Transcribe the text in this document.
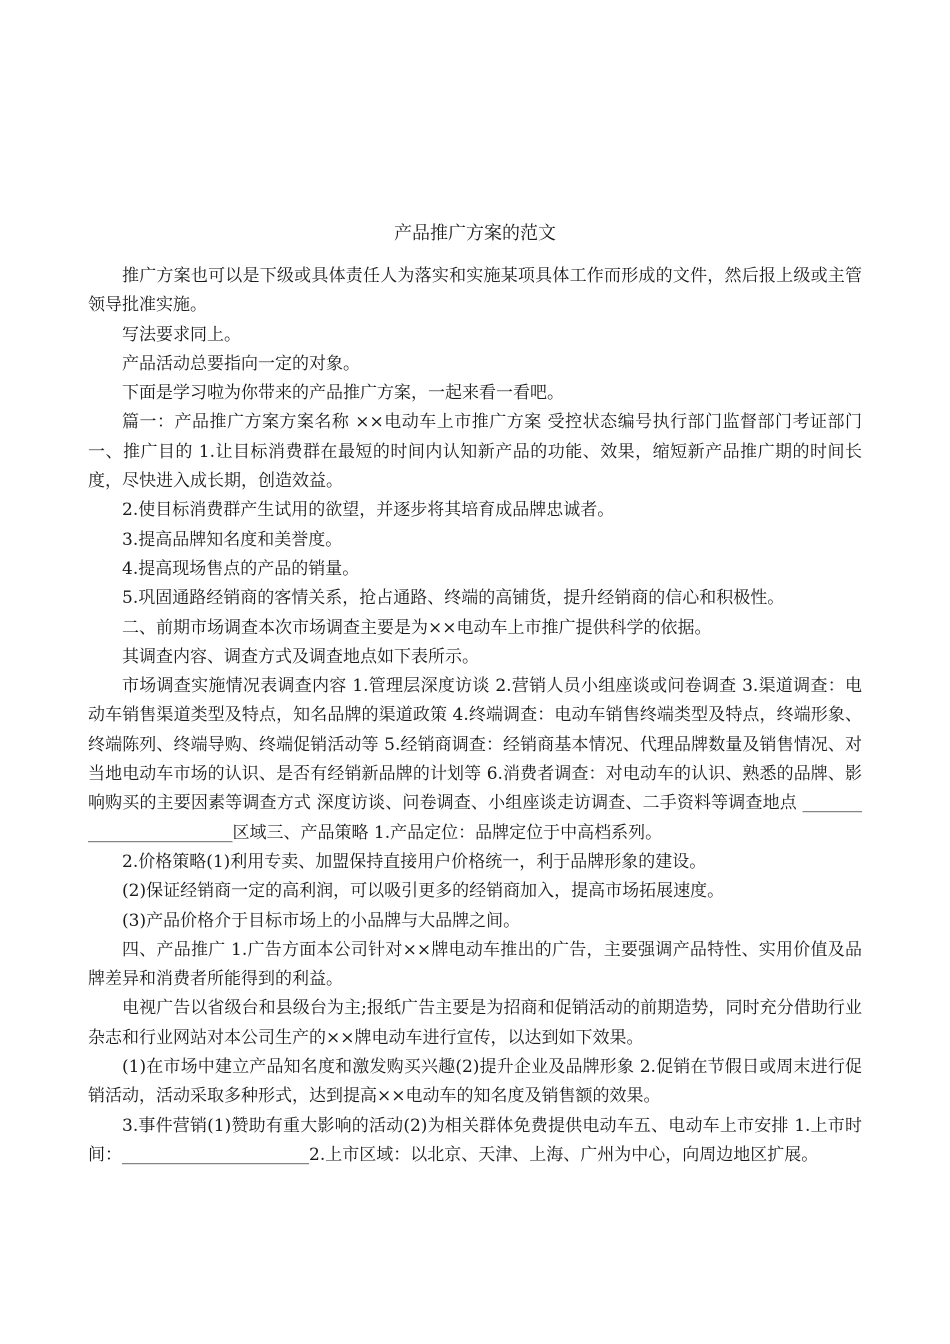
产品推广方案的范文

推广方案也可以是下级或具体责任人为落实和实施某项具体工作而形成的文件，然后报上级或主管领导批准实施。

写法要求同上。

产品活动总要指向一定的对象。

下面是学习啦为你带来的产品推广方案，一起来看一看吧。

篇一：产品推广方案方案名称 ××电动车上市推广方案 受控状态编号执行部门监督部门考证部门一、推广目的 1.让目标消费群在最短的时间内认知新产品的功能、效果，缩短新产品推广期的时间长度，尽快进入成长期，创造效益。

2.使目标消费群产生试用的欲望，并逐步将其培育成品牌忠诚者。

3.提高品牌知名度和美誉度。

4.提高现场售点的产品的销量。

5.巩固通路经销商的客情关系，抢占通路、终端的高铺货，提升经销商的信心和积极性。

二、前期市场调查本次市场调查主要是为××电动车上市推广提供科学的依据。

其调查内容、调查方式及调查地点如下表所示。

市场调查实施情况表调查内容 1.管理层深度访谈 2.营销人员小组座谈或问卷调查 3.渠道调查：电动车销售渠道类型及特点，知名品牌的渠道政策 4.终端调查：电动车销售终端类型及特点，终端形象、终端陈列、终端导购、终端促销活动等 5.经销商调查：经销商基本情况、代理品牌数量及销售情况、对当地电动车市场的认识、是否有经销新品牌的计划等 6.消费者调查：对电动车的认识、熟悉的品牌、影响购买的主要因素等调查方式 深度访谈、问卷调查、小组座谈走访调查、二手资料等调查地点 ________________________区域三、产品策略 1.产品定位：品牌定位于中高档系列。

2.价格策略(1)利用专卖、加盟保持直接用户价格统一，利于品牌形象的建设。

(2)保证经销商一定的高利润，可以吸引更多的经销商加入，提高市场拓展速度。

(3)产品价格介于目标市场上的小品牌与大品牌之间。

四、产品推广 1.广告方面本公司针对××牌电动车推出的广告，主要强调产品特性、实用价值及品牌差异和消费者所能得到的利益。

电视广告以省级台和县级台为主;报纸广告主要是为招商和促销活动的前期造势，同时充分借助行业杂志和行业网站对本公司生产的××牌电动车进行宣传，以达到如下效果。

(1)在市场中建立产品知名度和激发购买兴趣(2)提升企业及品牌形象 2.促销在节假日或周末进行促销活动，活动采取多种形式，达到提高××电动车的知名度及销售额的效果。

3.事件营销(1)赞助有重大影响的活动(2)为相关群体免费提供电动车五、电动车上市安排 1.上市时间：______________________2.上市区域：以北京、天津、上海、广州为中心，向周边地区扩展。
